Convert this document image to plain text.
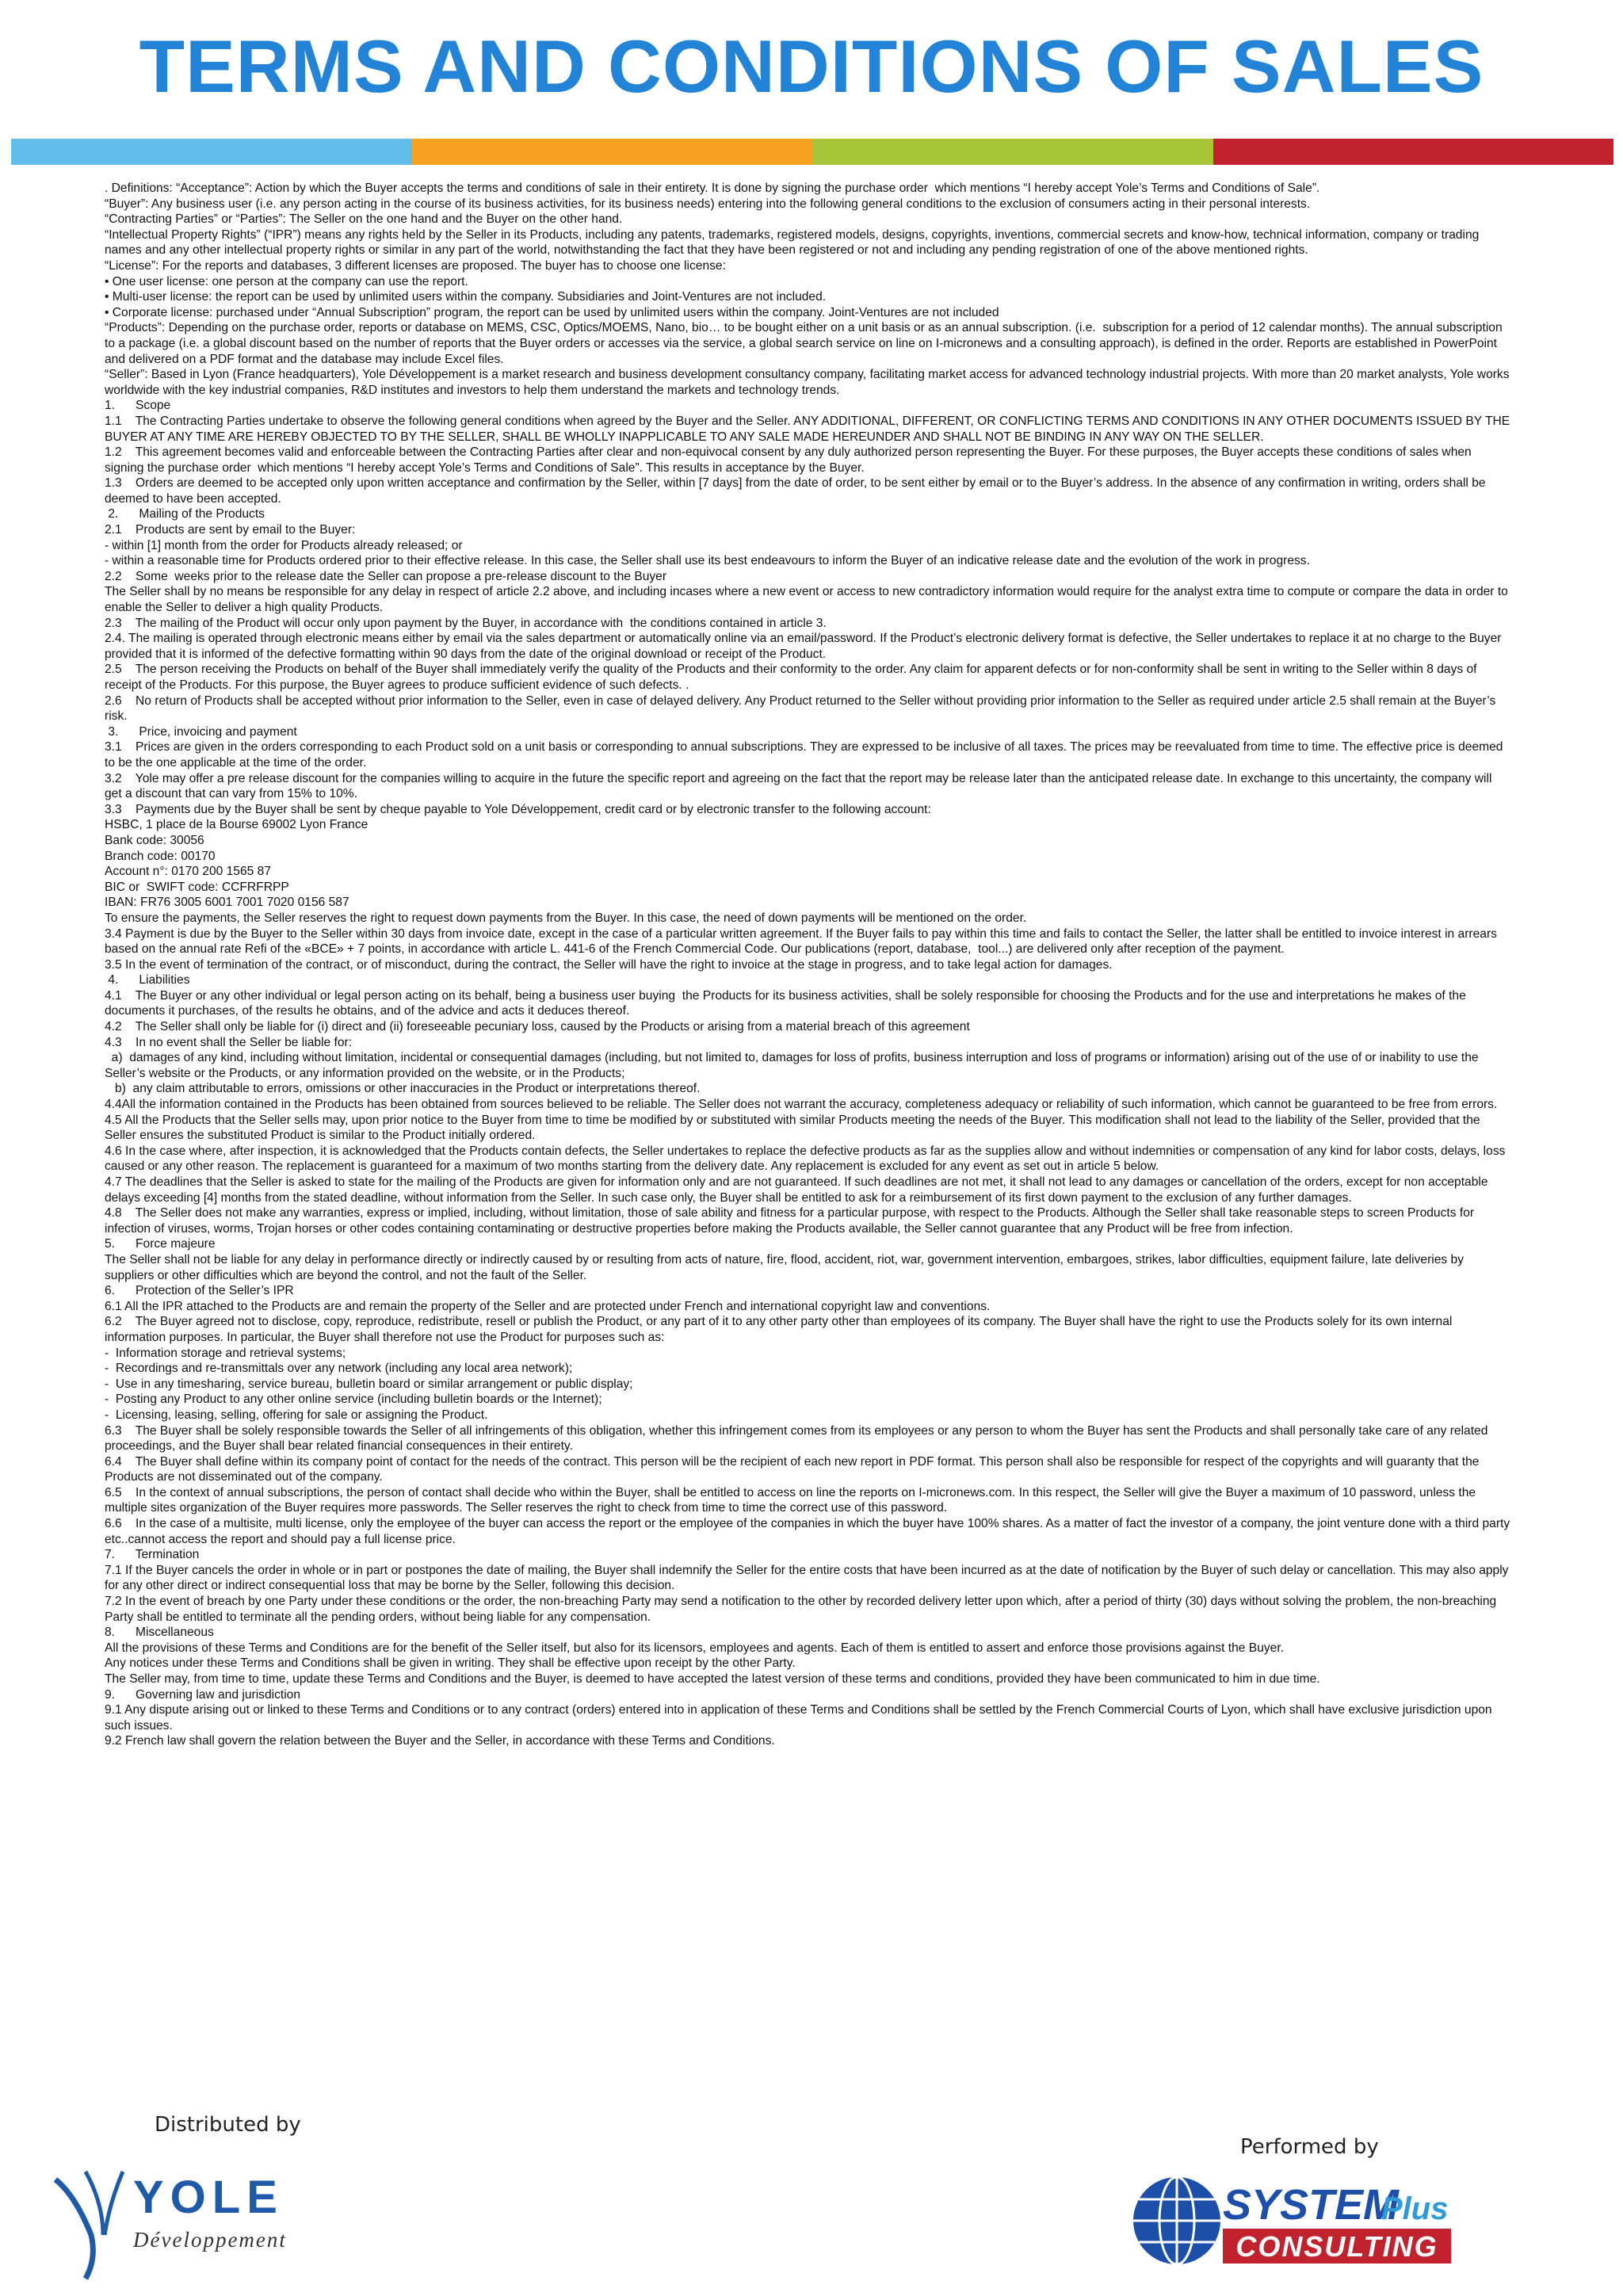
TERMS AND CONDITIONS OF SALES

. Definitions: “Acceptance”: Action by which the Buyer accepts the terms and conditions of sale in their entirety. It is done by signing the purchase order  which mentions “I hereby accept Yole’s Terms and Conditions of Sale”.

“Buyer”: Any business user (i.e. any person acting in the course of its business activities, for its business needs) entering into the following general conditions to the exclusion of consumers acting in their personal interests.

“Contracting Parties” or “Parties”: The Seller on the one hand and the Buyer on the other hand.

“Intellectual Property Rights” (“IPR”) means any rights held by the Seller in its Products, including any patents, trademarks, registered models, designs, copyrights, inventions, commercial secrets and know-how, technical information, company or trading names and any other intellectual property rights or similar in any part of the world, notwithstanding the fact that they have been registered or not and including any pending registration of one of the above mentioned rights.

“License”: For the reports and databases, 3 different licenses are proposed. The buyer has to choose one license:

• One user license: one person at the company can use the report.

• Multi-user license: the report can be used by unlimited users within the company. Subsidiaries and Joint-Ventures are not included.

• Corporate license: purchased under “Annual Subscription” program, the report can be used by unlimited users within the company. Joint-Ventures are not included

“Products”: Depending on the purchase order, reports or database on MEMS, CSC, Optics/MOEMS, Nano, bio… to be bought either on a unit basis or as an annual subscription. (i.e.  subscription for a period of 12 calendar months). The annual subscription to a package (i.e. a global discount based on the number of reports that the Buyer orders or accesses via the service, a global search service on line on I-micronews and a consulting approach), is defined in the order. Reports are established in PowerPoint and delivered on a PDF format and the database may include Excel files.

“Seller”: Based in Lyon (France headquarters), Yole Développement is a market research and business development consultancy company, facilitating market access for advanced technology industrial projects. With more than 20 market analysts, Yole works worldwide with the key industrial companies, R&D institutes and investors to help them understand the markets and technology trends.

1.      Scope

1.1    The Contracting Parties undertake to observe the following general conditions when agreed by the Buyer and the Seller. ANY ADDITIONAL, DIFFERENT, OR CONFLICTING TERMS AND CONDITIONS IN ANY OTHER DOCUMENTS ISSUED BY THE BUYER AT ANY TIME ARE HEREBY OBJECTED TO BY THE SELLER, SHALL BE WHOLLY INAPPLICABLE TO ANY SALE MADE HEREUNDER AND SHALL NOT BE BINDING IN ANY WAY ON THE SELLER.

1.2    This agreement becomes valid and enforceable between the Contracting Parties after clear and non-equivocal consent by any duly authorized person representing the Buyer. For these purposes, the Buyer accepts these conditions of sales when signing the purchase order  which mentions “I hereby accept Yole’s Terms and Conditions of Sale”. This results in acceptance by the Buyer.

1.3    Orders are deemed to be accepted only upon written acceptance and confirmation by the Seller, within [7 days] from the date of order, to be sent either by email or to the Buyer’s address. In the absence of any confirmation in writing, orders shall be deemed to have been accepted.

2.      Mailing of the Products

2.1    Products are sent by email to the Buyer:

- within [1] month from the order for Products already released; or

- within a reasonable time for Products ordered prior to their effective release. In this case, the Seller shall use its best endeavours to inform the Buyer of an indicative release date and the evolution of the work in progress.

2.2    Some  weeks prior to the release date the Seller can propose a pre-release discount to the Buyer

The Seller shall by no means be responsible for any delay in respect of article 2.2 above, and including incases where a new event or access to new contradictory information would require for the analyst extra time to compute or compare the data in order to enable the Seller to deliver a high quality Products.

2.3    The mailing of the Product will occur only upon payment by the Buyer, in accordance with  the conditions contained in article 3.

2.4. The mailing is operated through electronic means either by email via the sales department or automatically online via an email/password. If the Product’s electronic delivery format is defective, the Seller undertakes to replace it at no charge to the Buyer provided that it is informed of the defective formatting within 90 days from the date of the original download or receipt of the Product.

2.5    The person receiving the Products on behalf of the Buyer shall immediately verify the quality of the Products and their conformity to the order. Any claim for apparent defects or for non-conformity shall be sent in writing to the Seller within 8 days of receipt of the Products. For this purpose, the Buyer agrees to produce sufficient evidence of such defects. .

2.6    No return of Products shall be accepted without prior information to the Seller, even in case of delayed delivery. Any Product returned to the Seller without providing prior information to the Seller as required under article 2.5 shall remain at the Buyer’s risk.

3.      Price, invoicing and payment

3.1    Prices are given in the orders corresponding to each Product sold on a unit basis or corresponding to annual subscriptions. They are expressed to be inclusive of all taxes. The prices may be reevaluated from time to time. The effective price is deemed to be the one applicable at the time of the order.

3.2    Yole may offer a pre release discount for the companies willing to acquire in the future the specific report and agreeing on the fact that the report may be release later than the anticipated release date. In exchange to this uncertainty, the company will get a discount that can vary from 15% to 10%.

3.3    Payments due by the Buyer shall be sent by cheque payable to Yole Développement, credit card or by electronic transfer to the following account:

HSBC, 1 place de la Bourse 69002 Lyon France

Bank code: 30056

Branch code: 00170

Account n°: 0170 200 1565 87

BIC or  SWIFT code: CCFRFRPP

IBAN: FR76 3005 6001 7001 7020 0156 587

To ensure the payments, the Seller reserves the right to request down payments from the Buyer. In this case, the need of down payments will be mentioned on the order.

3.4 Payment is due by the Buyer to the Seller within 30 days from invoice date, except in the case of a particular written agreement. If the Buyer fails to pay within this time and fails to contact the Seller, the latter shall be entitled to invoice interest in arrears based on the annual rate Refi of the «BCE» + 7 points, in accordance with article L. 441-6 of the French Commercial Code. Our publications (report, database,  tool...) are delivered only after reception of the payment.

3.5 In the event of termination of the contract, or of misconduct, during the contract, the Seller will have the right to invoice at the stage in progress, and to take legal action for damages.

4.      Liabilities

4.1    The Buyer or any other individual or legal person acting on its behalf, being a business user buying  the Products for its business activities, shall be solely responsible for choosing the Products and for the use and interpretations he makes of the documents it purchases, of the results he obtains, and of the advice and acts it deduces thereof.

4.2    The Seller shall only be liable for (i) direct and (ii) foreseeable pecuniary loss, caused by the Products or arising from a material breach of this agreement

4.3    In no event shall the Seller be liable for:

a)  damages of any kind, including without limitation, incidental or consequential damages (including, but not limited to, damages for loss of profits, business interruption and loss of programs or information) arising out of the use of or inability to use the Seller’s website or the Products, or any information provided on the website, or in the Products;

b)  any claim attributable to errors, omissions or other inaccuracies in the Product or interpretations thereof.

4.4All the information contained in the Products has been obtained from sources believed to be reliable. The Seller does not warrant the accuracy, completeness adequacy or reliability of such information, which cannot be guaranteed to be free from errors.

4.5 All the Products that the Seller sells may, upon prior notice to the Buyer from time to time be modified by or substituted with similar Products meeting the needs of the Buyer. This modification shall not lead to the liability of the Seller, provided that the Seller ensures the substituted Product is similar to the Product initially ordered.

4.6 In the case where, after inspection, it is acknowledged that the Products contain defects, the Seller undertakes to replace the defective products as far as the supplies allow and without indemnities or compensation of any kind for labor costs, delays, loss caused or any other reason. The replacement is guaranteed for a maximum of two months starting from the delivery date. Any replacement is excluded for any event as set out in article 5 below.

4.7 The deadlines that the Seller is asked to state for the mailing of the Products are given for information only and are not guaranteed. If such deadlines are not met, it shall not lead to any damages or cancellation of the orders, except for non acceptable delays exceeding [4] months from the stated deadline, without information from the Seller. In such case only, the Buyer shall be entitled to ask for a reimbursement of its first down payment to the exclusion of any further damages.

4.8    The Seller does not make any warranties, express or implied, including, without limitation, those of sale ability and fitness for a particular purpose, with respect to the Products. Although the Seller shall take reasonable steps to screen Products for infection of viruses, worms, Trojan horses or other codes containing contaminating or destructive properties before making the Products available, the Seller cannot guarantee that any Product will be free from infection.

5.      Force majeure

The Seller shall not be liable for any delay in performance directly or indirectly caused by or resulting from acts of nature, fire, flood, accident, riot, war, government intervention, embargoes, strikes, labor difficulties, equipment failure, late deliveries by suppliers or other difficulties which are beyond the control, and not the fault of the Seller.

6.      Protection of the Seller’s IPR

6.1 All the IPR attached to the Products are and remain the property of the Seller and are protected under French and international copyright law and conventions.

6.2    The Buyer agreed not to disclose, copy, reproduce, redistribute, resell or publish the Product, or any part of it to any other party other than employees of its company. The Buyer shall have the right to use the Products solely for its own internal information purposes. In particular, the Buyer shall therefore not use the Product for purposes such as:

-  Information storage and retrieval systems;

-  Recordings and re-transmittals over any network (including any local area network);

-  Use in any timesharing, service bureau, bulletin board or similar arrangement or public display;

-  Posting any Product to any other online service (including bulletin boards or the Internet);

-  Licensing, leasing, selling, offering for sale or assigning the Product.

6.3    The Buyer shall be solely responsible towards the Seller of all infringements of this obligation, whether this infringement comes from its employees or any person to whom the Buyer has sent the Products and shall personally take care of any related proceedings, and the Buyer shall bear related financial consequences in their entirety.

6.4    The Buyer shall define within its company point of contact for the needs of the contract. This person will be the recipient of each new report in PDF format. This person shall also be responsible for respect of the copyrights and will guaranty that the Products are not disseminated out of the company.

6.5    In the context of annual subscriptions, the person of contact shall decide who within the Buyer, shall be entitled to access on line the reports on I-micronews.com. In this respect, the Seller will give the Buyer a maximum of 10 password, unless the multiple sites organization of the Buyer requires more passwords. The Seller reserves the right to check from time to time the correct use of this password.

6.6    In the case of a multisite, multi license, only the employee of the buyer can access the report or the employee of the companies in which the buyer have 100% shares. As a matter of fact the investor of a company, the joint venture done with a third party etc..cannot access the report and should pay a full license price.

7.      Termination

7.1 If the Buyer cancels the order in whole or in part or postpones the date of mailing, the Buyer shall indemnify the Seller for the entire costs that have been incurred as at the date of notification by the Buyer of such delay or cancellation. This may also apply for any other direct or indirect consequential loss that may be borne by the Seller, following this decision.

7.2 In the event of breach by one Party under these conditions or the order, the non-breaching Party may send a notification to the other by recorded delivery letter upon which, after a period of thirty (30) days without solving the problem, the non-breaching Party shall be entitled to terminate all the pending orders, without being liable for any compensation.

8.      Miscellaneous

All the provisions of these Terms and Conditions are for the benefit of the Seller itself, but also for its licensors, employees and agents. Each of them is entitled to assert and enforce those provisions against the Buyer.

Any notices under these Terms and Conditions shall be given in writing. They shall be effective upon receipt by the other Party.

The Seller may, from time to time, update these Terms and Conditions and the Buyer, is deemed to have accepted the latest version of these terms and conditions, provided they have been communicated to him in due time.

9.      Governing law and jurisdiction

9.1 Any dispute arising out or linked to these Terms and Conditions or to any contract (orders) entered into in application of these Terms and Conditions shall be settled by the French Commercial Courts of Lyon, which shall have exclusive jurisdiction upon such issues.

9.2 French law shall govern the relation between the Buyer and the Seller, in accordance with these Terms and Conditions.

Distributed by
YOLE
Développement
Performed by
SYSTEM
Plus
CONSULTING
